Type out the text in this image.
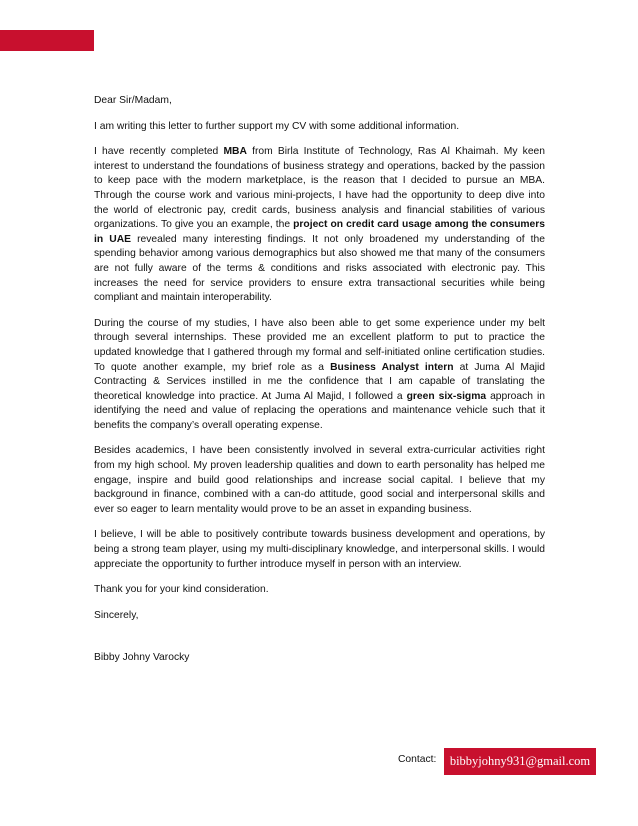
Dear Sir/Madam,

I am writing this letter to further support my CV with some additional information.

I have recently completed MBA from Birla Institute of Technology, Ras Al Khaimah. My keen interest to understand the foundations of business strategy and operations, backed by the passion to keep pace with the modern marketplace, is the reason that I decided to pursue an MBA. Through the course work and various mini-projects, I have had the opportunity to deep dive into the world of electronic pay, credit cards, business analysis and financial stabilities of various organizations. To give you an example, the project on credit card usage among the consumers in UAE revealed many interesting findings. It not only broadened my understanding of the spending behavior among various demographics but also showed me that many of the consumers are not fully aware of the terms & conditions and risks associated with electronic pay. This increases the need for service providers to ensure extra transactional securities while being compliant and maintain interoperability.

During the course of my studies, I have also been able to get some experience under my belt through several internships. These provided me an excellent platform to put to practice the updated knowledge that I gathered through my formal and self-initiated online certification studies. To quote another example, my brief role as a Business Analyst intern at Juma Al Majid Contracting & Services instilled in me the confidence that I am capable of translating the theoretical knowledge into practice. At Juma Al Majid, I followed a green six-sigma approach in identifying the need and value of replacing the operations and maintenance vehicle such that it benefits the company’s overall operating expense.

Besides academics, I have been consistently involved in several extra-curricular activities right from my high school. My proven leadership qualities and down to earth personality has helped me engage, inspire and build good relationships and increase social capital. I believe that my background in finance, combined with a can-do attitude, good social and interpersonal skills and ever so eager to learn mentality would prove to be an asset in expanding business.

I believe, I will be able to positively contribute towards business development and operations, by being a strong team player, using my multi-disciplinary knowledge, and interpersonal skills. I would appreciate the opportunity to further introduce myself in person with an interview.

Thank you for your kind consideration.

Sincerely,

Bibby Johny Varocky

Contact: bibbyjohny931@gmail.com
